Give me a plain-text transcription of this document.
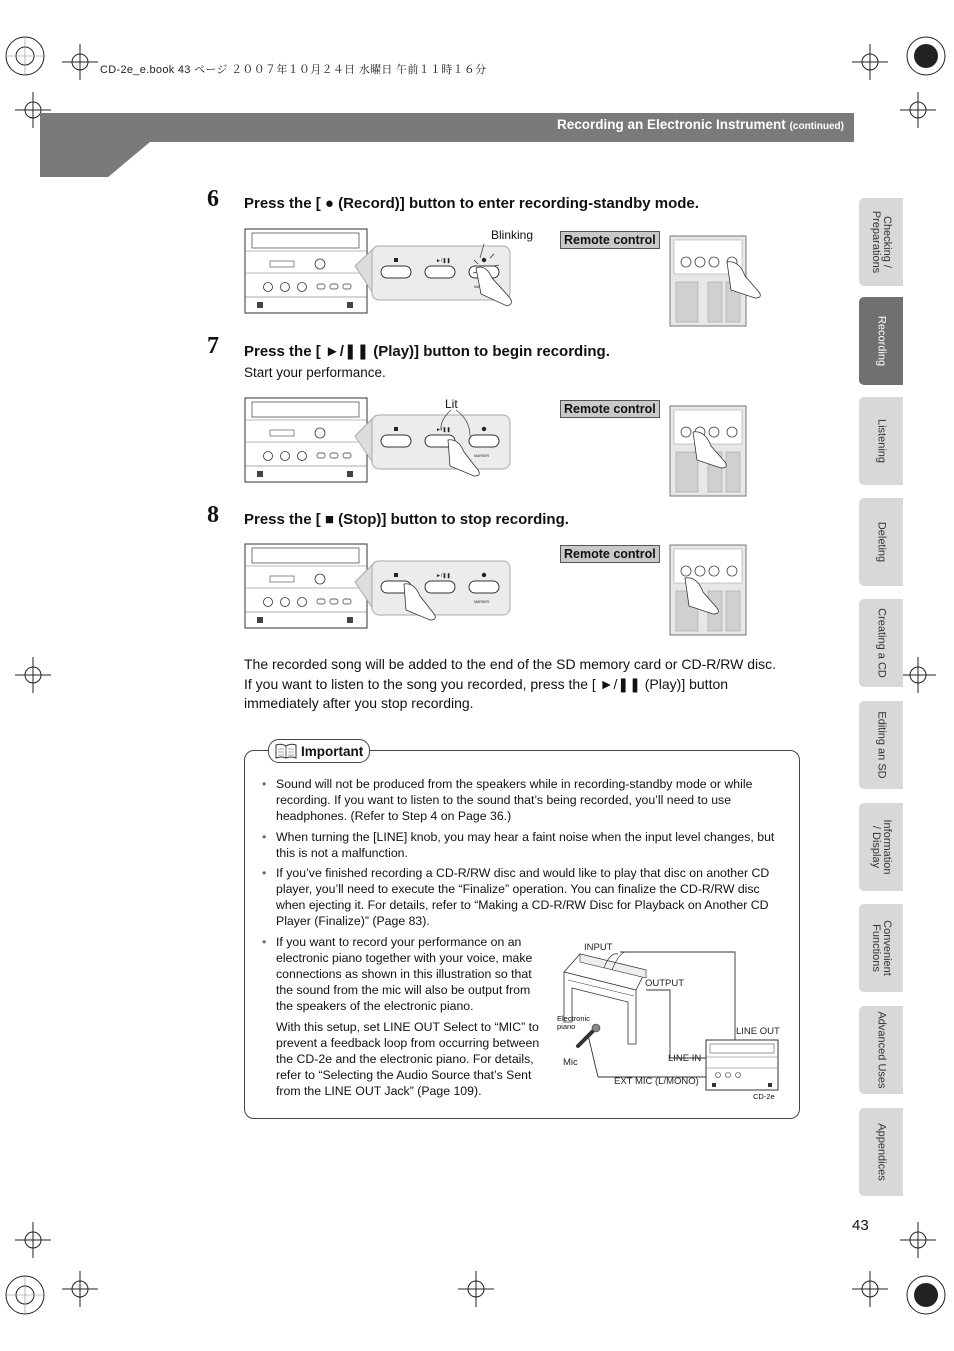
CD-2e_e.book 43 ページ ２００７年１０月２４日 水曜日 午前１１時１６分
Recording an Electronic Instrument (continued)
6 Press the [ ● (Record)] button to enter recording-standby mode.
Blinking	Remote control
7 Press the [ ►/❚❚ (Play)] button to begin recording.
Start your performance.
Lit	Remote control
8 Press the [ ■ (Stop)] button to stop recording.
Remote control
►/❚❚
MARKER
The recorded song will be added to the end of the SD memory card or CD-R/RW disc.
If you want to listen to the song you recorded, press the [ ►/❚❚ (Play)] button
immediately after you stop recording.
Important
• Sound will not be produced from the speakers while in recording-standby mode or while recording. If you want to listen to the sound that’s being recorded, you’ll need to use headphones. (Refer to Step 4 on Page 36.)
• When turning the [LINE] knob, you may hear a faint noise when the input level changes, but this is not a malfunction.
• If you’ve finished recording a CD-R/RW disc and would like to play that disc on another CD player, you’ll need to execute the “Finalize” operation. You can finalize the CD-R/RW disc when ejecting it. For details, refer to “Making a CD-R/RW Disc for Playback on Another CD Player (Finalize)” (Page 83).
• If you want to record your performance on an electronic piano together with your voice, make connections as shown in this illustration so that the sound from the mic will also be output from the speakers of the electronic piano.
With this setup, set LINE OUT Select to “MIC” to prevent a feedback loop from occurring between the CD-2e and the electronic piano. For details, refer to “Selecting the Audio Source that’s Sent from the LINE OUT Jack” (Page 109).
INPUT
OUTPUT
LINE OUT
LINE IN
EXT MIC (L/MONO)
Mic
Electronic
piano
CD-2e
Checking /
Preparations
Recording
Listening
Deleting
Creating a CD
Editing an SD
Information
/ Display
Convenient
Functions
Advanced Uses
Appendices
43
